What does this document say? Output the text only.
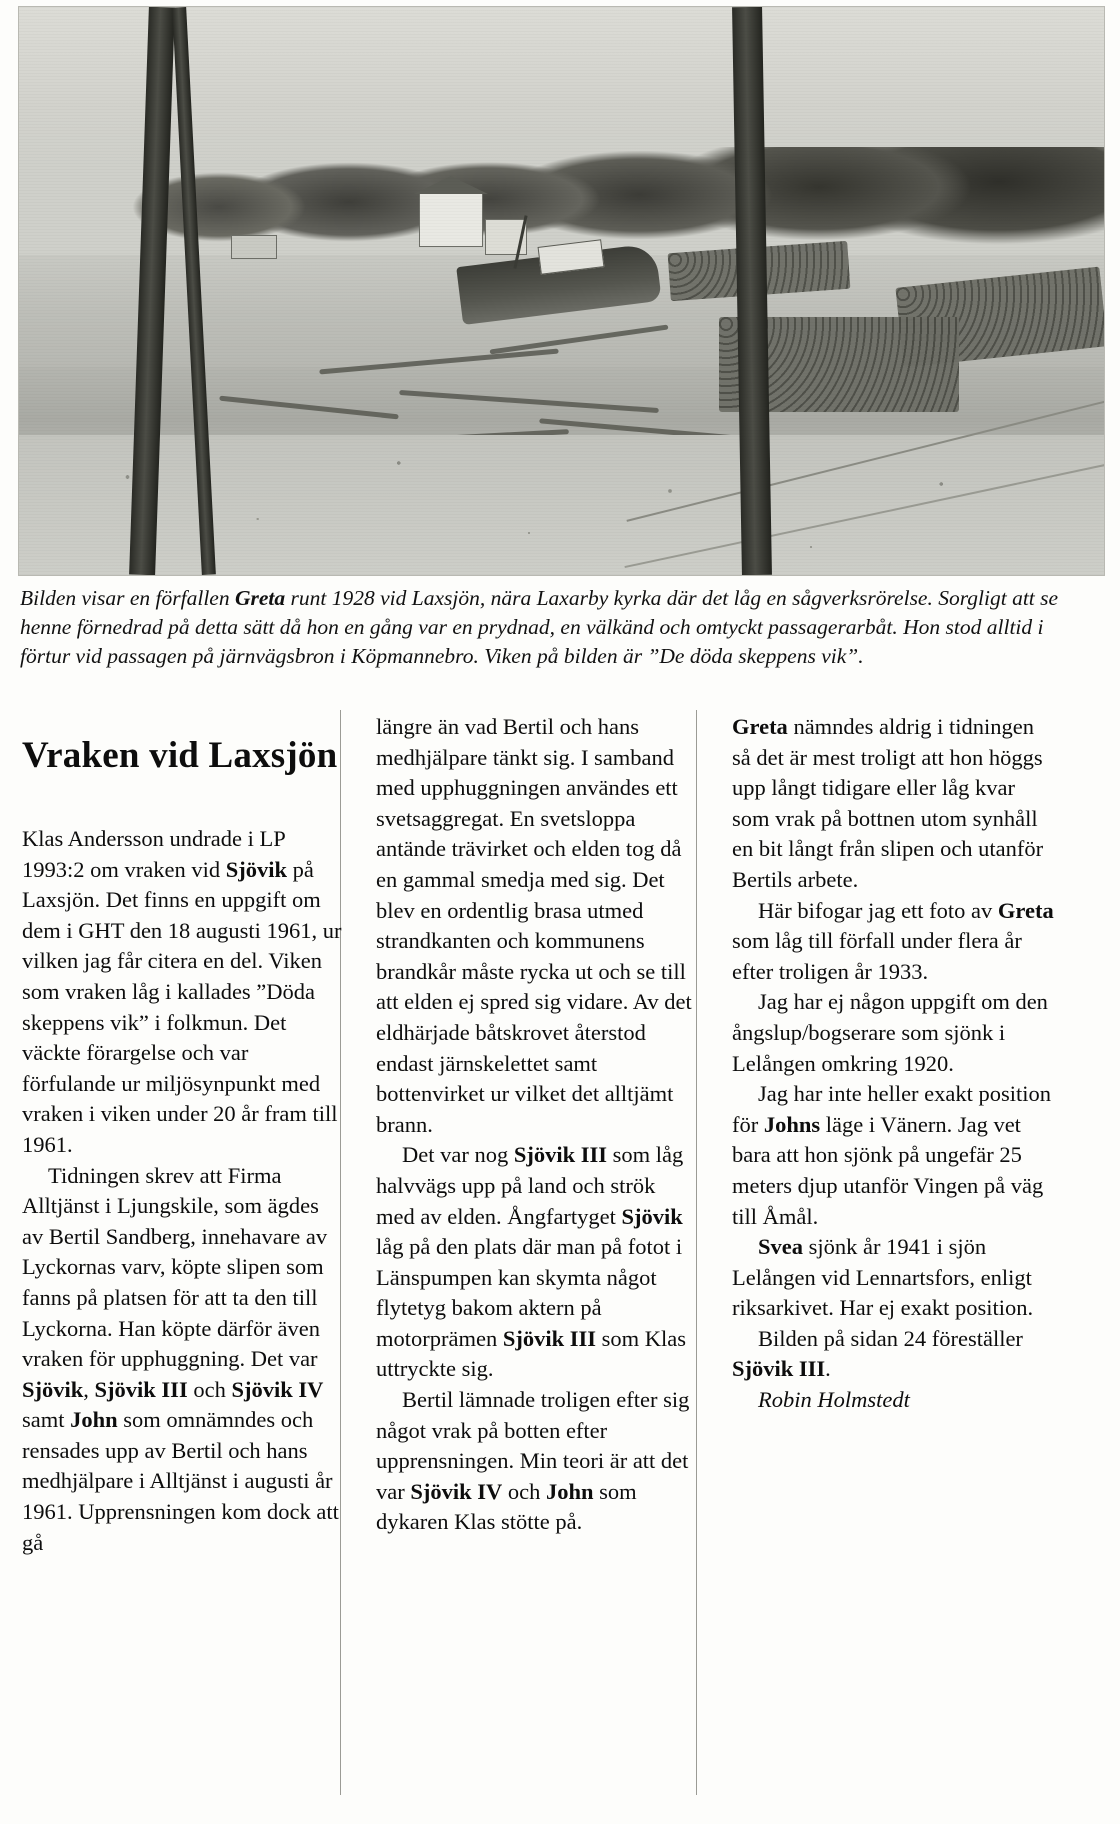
Bilden visar en förfallen Greta runt 1928 vid Laxsjön, nära Laxarby kyrka där det låg en sågverksrörelse. Sorgligt att se henne förnedrad på detta sätt då hon en gång var en prydnad, en välkänd och omtyckt passagerarbåt. Hon stod alltid i förtur vid passagen på järnvägsbron i Köpmannebro. Viken på bilden är ”De döda skeppens vik”.
Vraken vid Laxsjön

Klas Andersson undrade i LP 1993:2 om vraken vid Sjövik på Laxsjön. Det finns en uppgift om dem i GHT den 18 augusti 1961, ur vilken jag får citera en del. Viken som vraken låg i kallades ”Döda skeppens vik” i folkmun. Det väckte förargelse och var förfulande ur miljösynpunkt med vraken i viken under 20 år fram till 1961.

Tidningen skrev att Firma Alltjänst i Ljungskile, som ägdes av Bertil Sandberg, innehavare av Lyckornas varv, köpte slipen som fanns på platsen för att ta den till Lyckorna. Han köpte därför även vraken för upphuggning. Det var Sjövik, Sjövik III och Sjövik IV samt John som omnämndes och rensades upp av Bertil och hans medhjälpare i Alltjänst i augusti år 1961. Upprensningen kom dock att gå

längre än vad Bertil och hans medhjälpare tänkt sig. I samband med upphuggningen användes ett svetsaggregat. En svetsloppa antände trävirket och elden tog då en gammal smedja med sig. Det blev en ordentlig brasa utmed strandkanten och kommunens brandkår måste rycka ut och se till att elden ej spred sig vidare. Av det eldhärjade båtskrovet återstod endast järnskelettet samt bottenvirket ur vilket det alltjämt brann.

Det var nog Sjövik III som låg halvvägs upp på land och strök med av elden. Ångfartyget Sjövik låg på den plats där man på fotot i Länspumpen kan skymta något flytetyg bakom aktern på motorprämen Sjövik III som Klas uttryckte sig.

Bertil lämnade troligen efter sig något vrak på botten efter upprensningen. Min teori är att det var Sjövik IV och John som dykaren Klas stötte på.

Greta nämndes aldrig i tidningen så det är mest troligt att hon höggs upp långt tidigare eller låg kvar som vrak på bottnen utom synhåll en bit långt från slipen och utanför Bertils arbete.

Här bifogar jag ett foto av Greta som låg till förfall under flera år efter troligen år 1933.

Jag har ej någon uppgift om den ångslup/bogserare som sjönk i Lelången omkring 1920.

Jag har inte heller exakt position för Johns läge i Vänern. Jag vet bara att hon sjönk på ungefär 25 meters djup utanför Vingen på väg till Åmål.

Svea sjönk år 1941 i sjön Lelången vid Lennartsfors, enligt riksarkivet. Har ej exakt position.

Bilden på sidan 24 föreställer Sjövik III.

Robin Holmstedt
